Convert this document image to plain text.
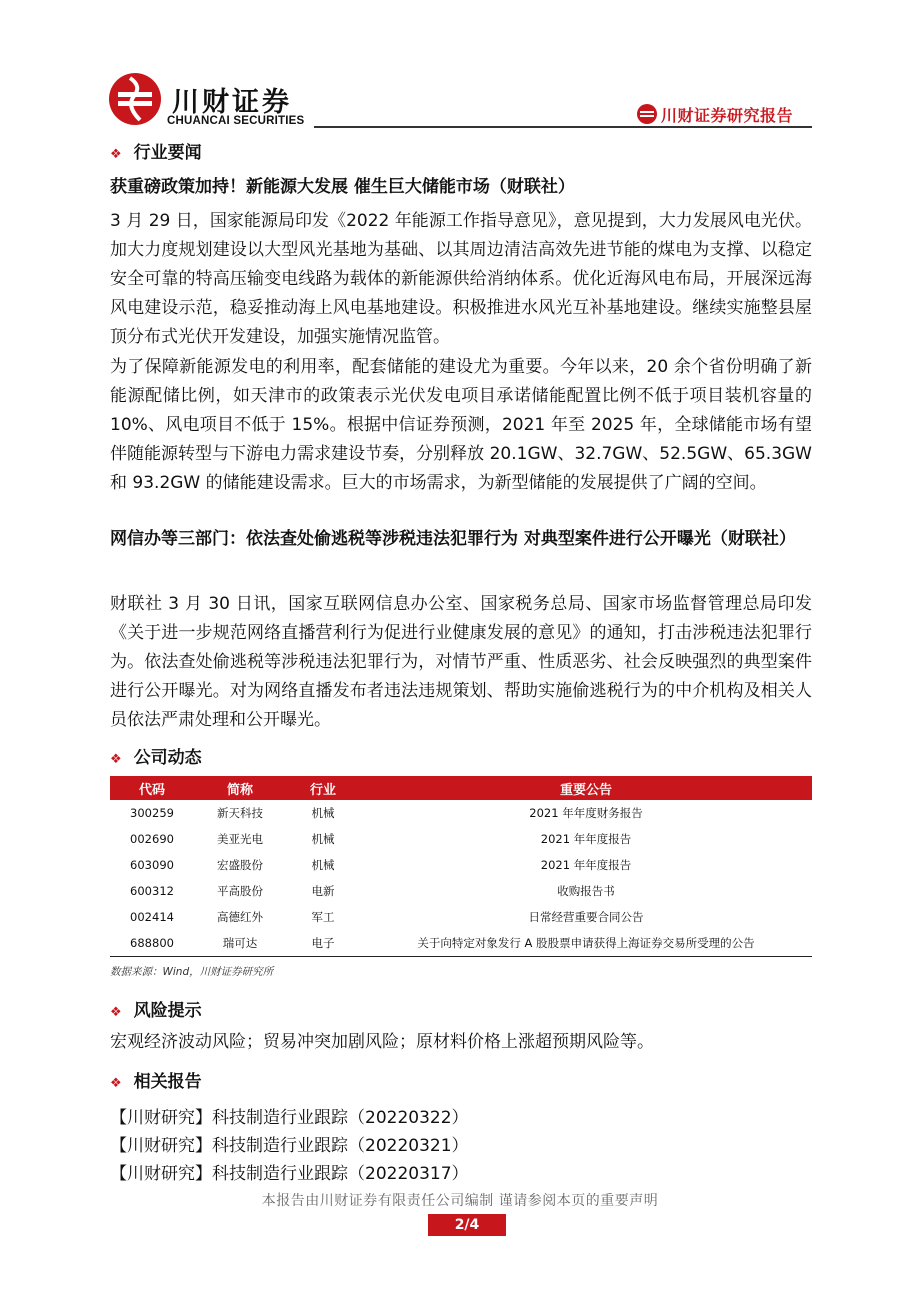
川财证券
CHUANCAI SECURITIES	川财证券研究报告
❖ 行业要闻
获重磅政策加持！新能源大发展 催生巨大储能市场（财联社）
3 月 29 日，国家能源局印发《2022 年能源工作指导意见》，意见提到，大力发展风电光伏。加大力度规划建设以大型风光基地为基础、以其周边清洁高效先进节能的煤电为支撑、以稳定安全可靠的特高压输变电线路为载体的新能源供给消纳体系。优化近海风电布局，开展深远海风电建设示范，稳妥推动海上风电基地建设。积极推进水风光互补基地建设。继续实施整县屋顶分布式光伏开发建设，加强实施情况监管。
为了保障新能源发电的利用率，配套储能的建设尤为重要。今年以来，20 余个省份明确了新能源配储比例，如天津市的政策表示光伏发电项目承诺储能配置比例不低于项目装机容量的 10%、风电项目不低于 15%。根据中信证券预测，2021 年至 2025 年，全球储能市场有望伴随能源转型与下游电力需求建设节奏，分别释放 20.1GW、32.7GW、52.5GW、65.3GW 和 93.2GW 的储能建设需求。巨大的市场需求，为新型储能的发展提供了广阔的空间。
网信办等三部门：依法查处偷逃税等涉税违法犯罪行为 对典型案件进行公开曝光（财联社）
财联社 3 月 30 日讯，国家互联网信息办公室、国家税务总局、国家市场监督管理总局印发《关于进一步规范网络直播营利行为促进行业健康发展的意见》的通知，打击涉税违法犯罪行为。依法查处偷逃税等涉税违法犯罪行为，对情节严重、性质恶劣、社会反映强烈的典型案件进行公开曝光。对为网络直播发布者违法违规策划、帮助实施偷逃税行为的中介机构及相关人员依法严肃处理和公开曝光。
❖ 公司动态
代码	简称	行业	重要公告
300259	新天科技	机械	2021 年年度财务报告
002690	美亚光电	机械	2021 年年度报告
603090	宏盛股份	机械	2021 年年度报告
600312	平高股份	电新	收购报告书
002414	高德红外	军工	日常经营重要合同公告
688800	瑞可达	电子	关于向特定对象发行 A 股股票申请获得上海证券交易所受理的公告
数据来源：Wind，川财证券研究所
❖ 风险提示
宏观经济波动风险；贸易冲突加剧风险；原材料价格上涨超预期风险等。
❖ 相关报告
【川财研究】科技制造行业跟踪（20220322）
【川财研究】科技制造行业跟踪（20220321）
【川财研究】科技制造行业跟踪（20220317）
本报告由川财证券有限责任公司编制 谨请参阅本页的重要声明
2/4
